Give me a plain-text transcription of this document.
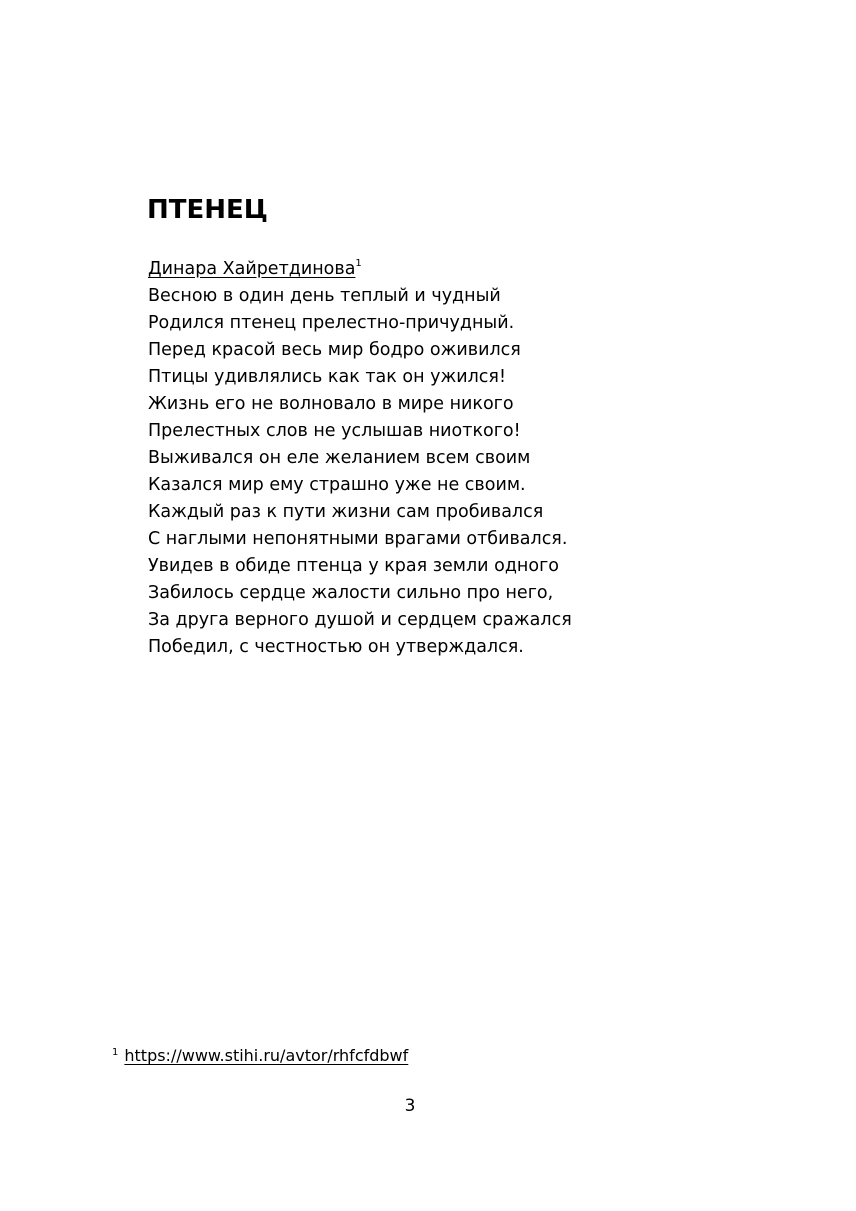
ПТЕНЕЦ
Динара Хайретдинова$^1$
Весною в один день теплый и чудный
Родился птенец прелестно-причудный.
Перед красой весь мир бодро оживился
Птицы удивлялись как так он ужился!
Жизнь его не волновало в мире никого
Прелестных слов не услышав ниоткого!
Выживался он еле желанием всем своим
Казался мир ему страшно уже не своим.
Каждый раз к пути жизни сам пробивался
С наглыми непонятными врагами отбивался.
Увидев в обиде птенца у края земли одного
Забилось сердце жалости сильно про него,
За друга верного душой и сердцем сражался
Победил, с честностью он утверждался.
$^1$ https://www.stihi.ru/avtor/rhfcfdbwf
3
